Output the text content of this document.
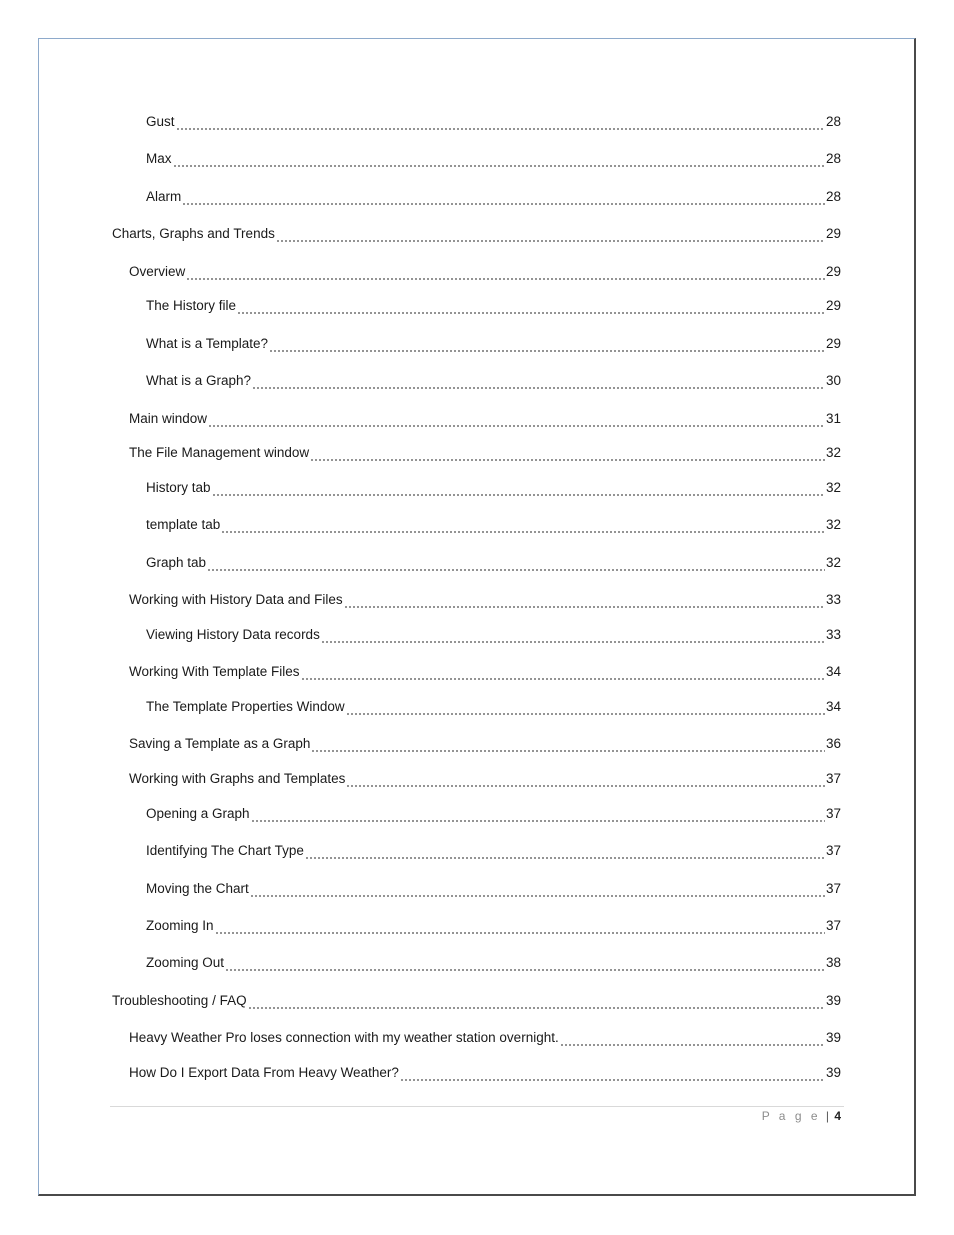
Gust	28
Max	28
Alarm	28
Charts, Graphs and Trends	29
Overview	29
The History file	29
What is a Template?	29
What is a Graph?	30
Main window	31
The File Management window	32
History tab	32
template tab	32
Graph tab	32
Working with History Data and Files	33
Viewing History Data records	33
Working With Template Files	34
The Template Properties Window	34
Saving a Template as a Graph	36
Working with Graphs and Templates	37
Opening a Graph	37
Identifying The Chart Type	37
Moving the Chart	37
Zooming In	37
Zooming Out	38
Troubleshooting / FAQ	39
Heavy Weather Pro loses connection with my weather station overnight.	39
How Do I Export Data From Heavy Weather?	39
P a g e | 4
